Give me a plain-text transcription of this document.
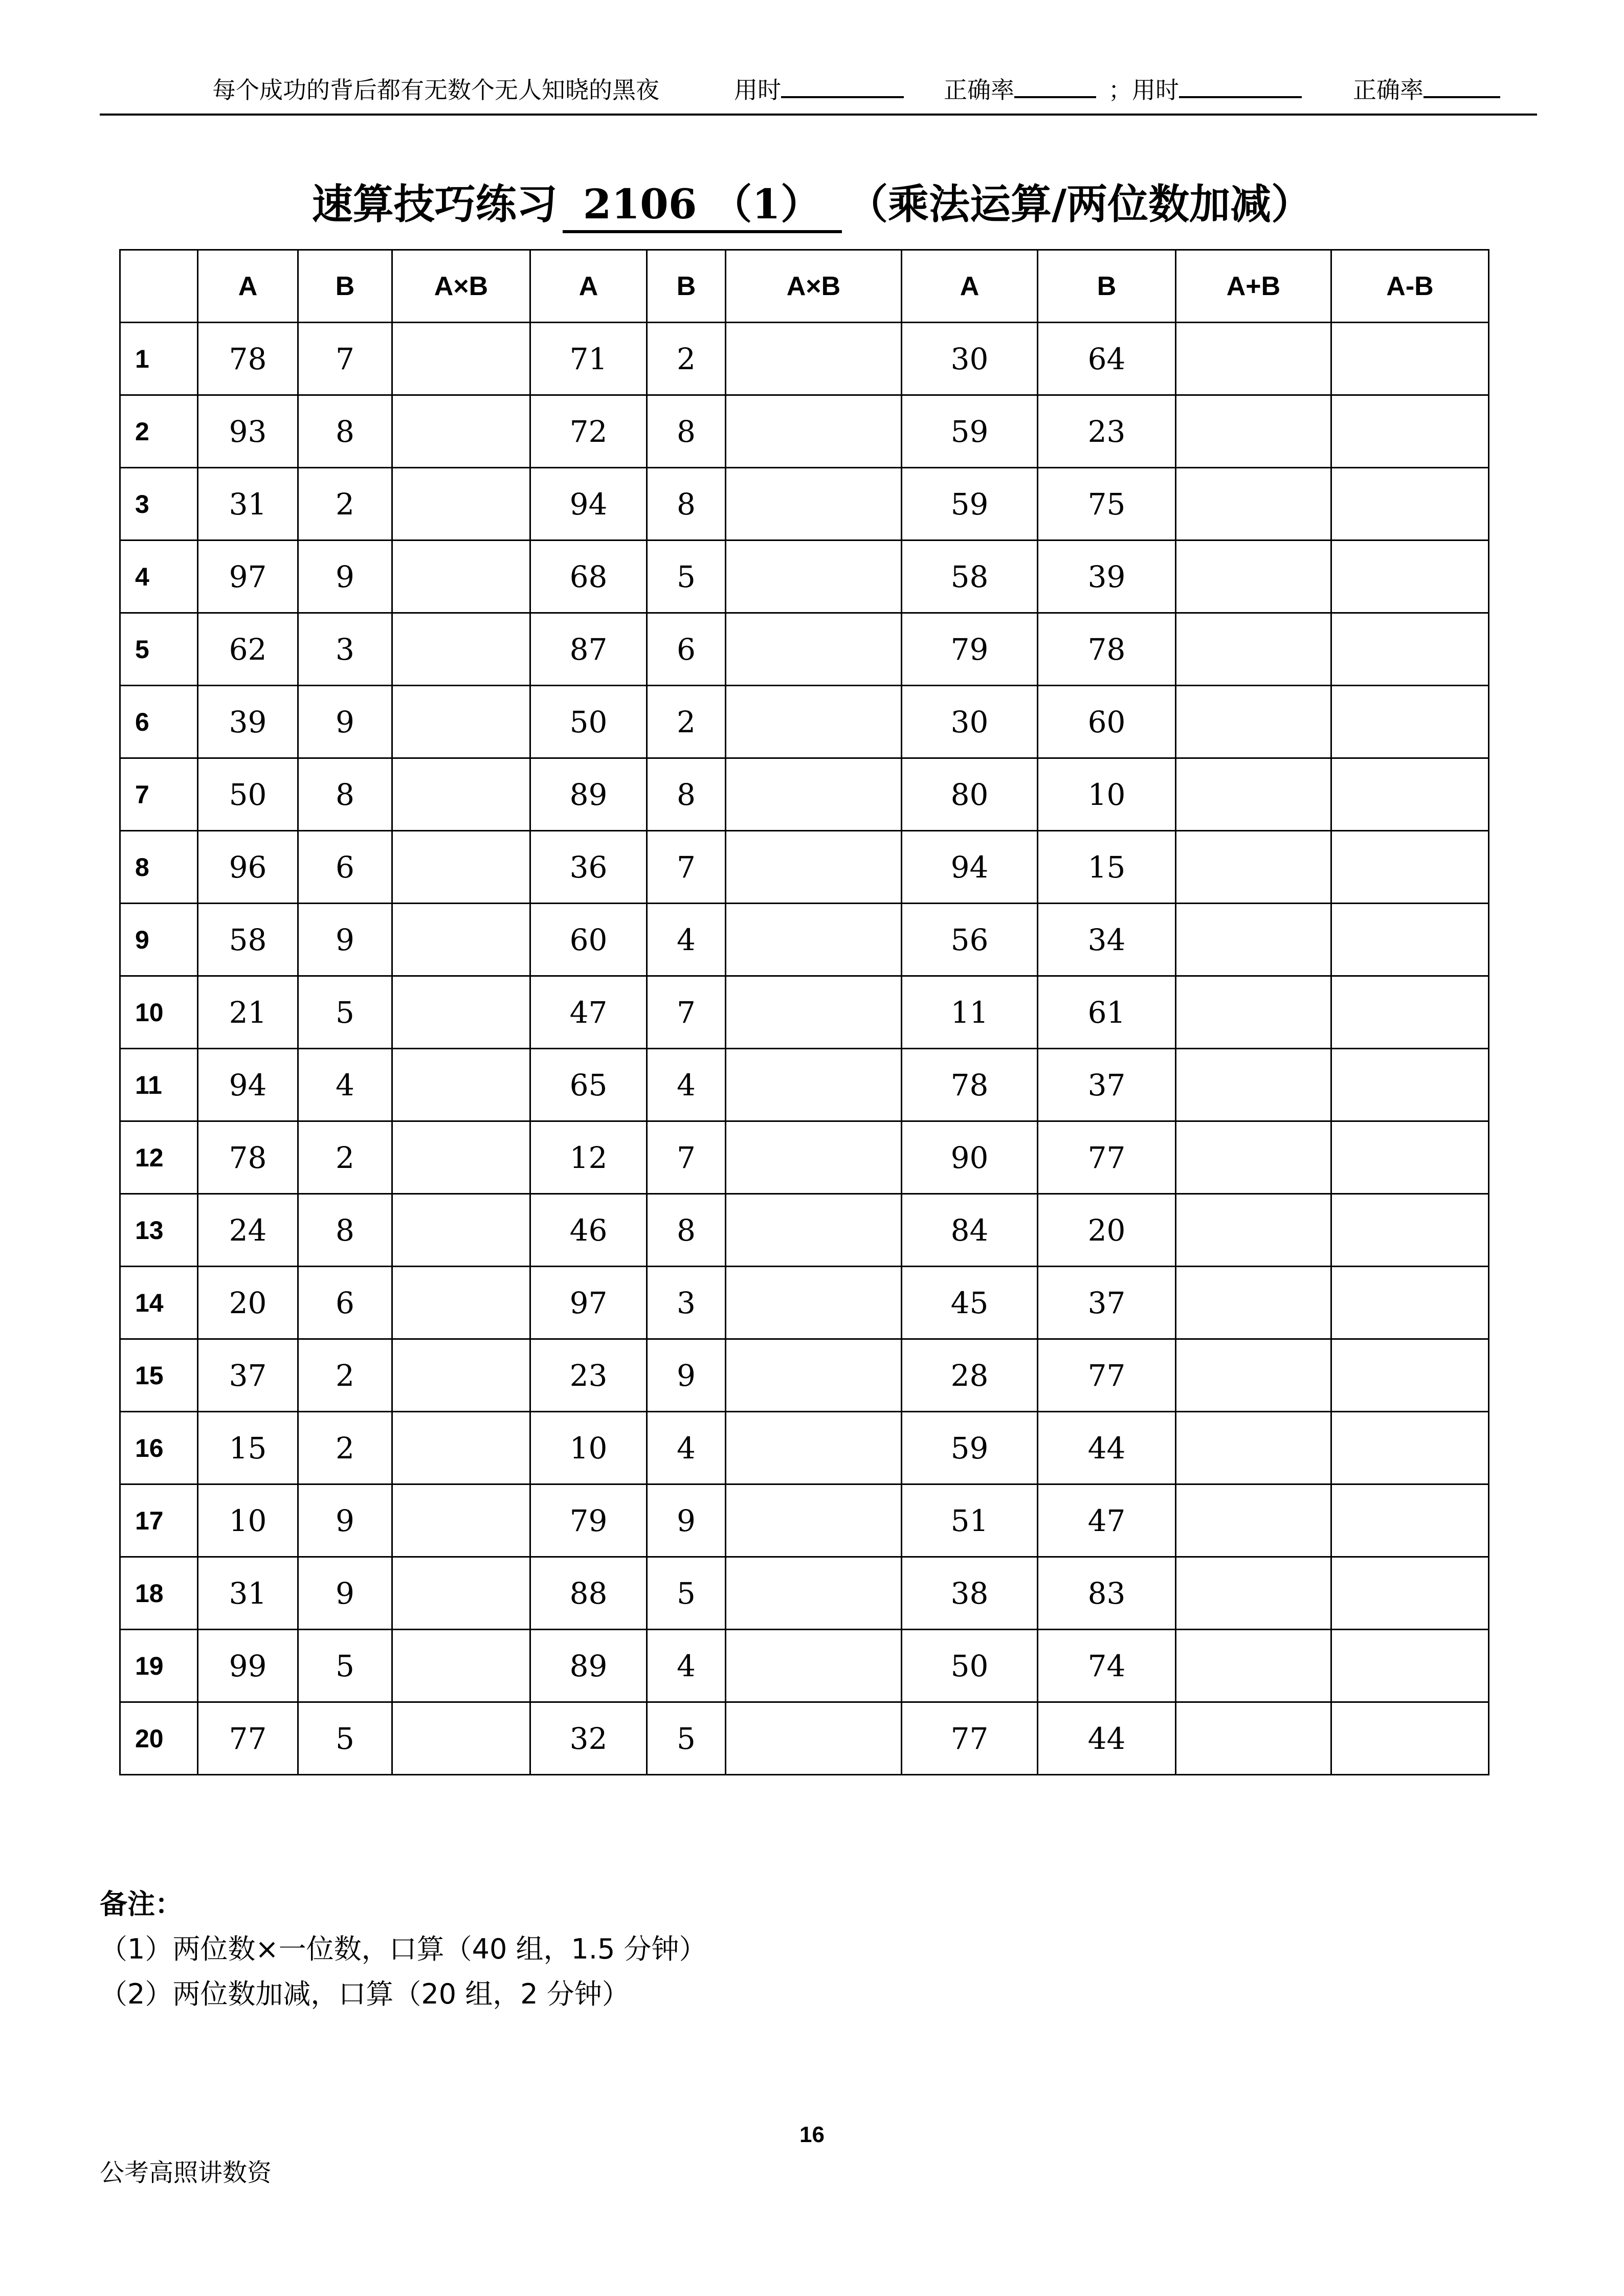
每个成功的背后都有无数个无人知晓的黑夜	用时	正确率	；用时	正确率
速算技巧练习 2106 （1） （乘法运算/两位数加减）
	A	B	A×B	A	B	A×B	A	B	A+B	A-B
1	78	7		71	2		30	64		
2	93	8		72	8		59	23		
3	31	2		94	8		59	75		
4	97	9		68	5		58	39		
5	62	3		87	6		79	78		
6	39	9		50	2		30	60		
7	50	8		89	8		80	10		
8	96	6		36	7		94	15		
9	58	9		60	4		56	34		
10	21	5		47	7		11	61		
11	94	4		65	4		78	37		
12	78	2		12	7		90	77		
13	24	8		46	8		84	20		
14	20	6		97	3		45	37		
15	37	2		23	9		28	77		
16	15	2		10	4		59	44		
17	10	9		79	9		51	47		
18	31	9		88	5		38	83		
19	99	5		89	4		50	74		
20	77	5		32	5		77	44		
备注：
（1）两位数×一位数，口算（40 组，1.5 分钟）
（2）两位数加减，口算（20 组，2 分钟）
16
公考高照讲数资
